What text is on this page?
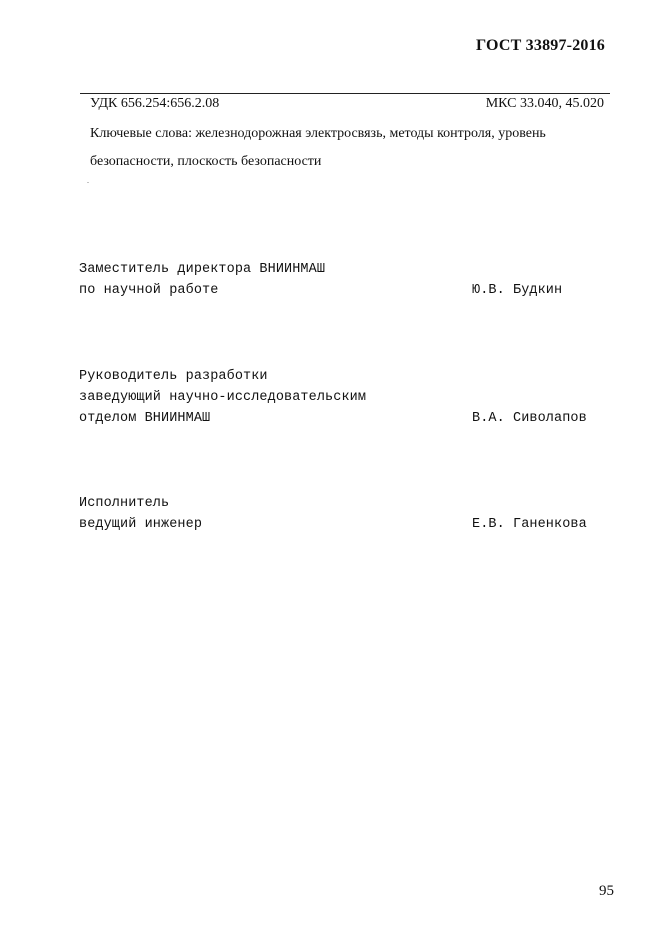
ГОСТ 33897-2016
УДК 656.254:656.2.08	МКС 33.040, 45.020
Ключевые слова: железнодорожная электросвязь, методы контроля, уровень
безопасности, плоскость безопасности
.
Заместитель директора ВНИИНМАШ
по научной работе	Ю.В. Будкин
Руководитель разработки
заведующий научно-исследовательским
отделом ВНИИНМАШ	В.А. Сиволапов
Исполнитель
ведущий инженер	Е.В. Ганенкова
95
